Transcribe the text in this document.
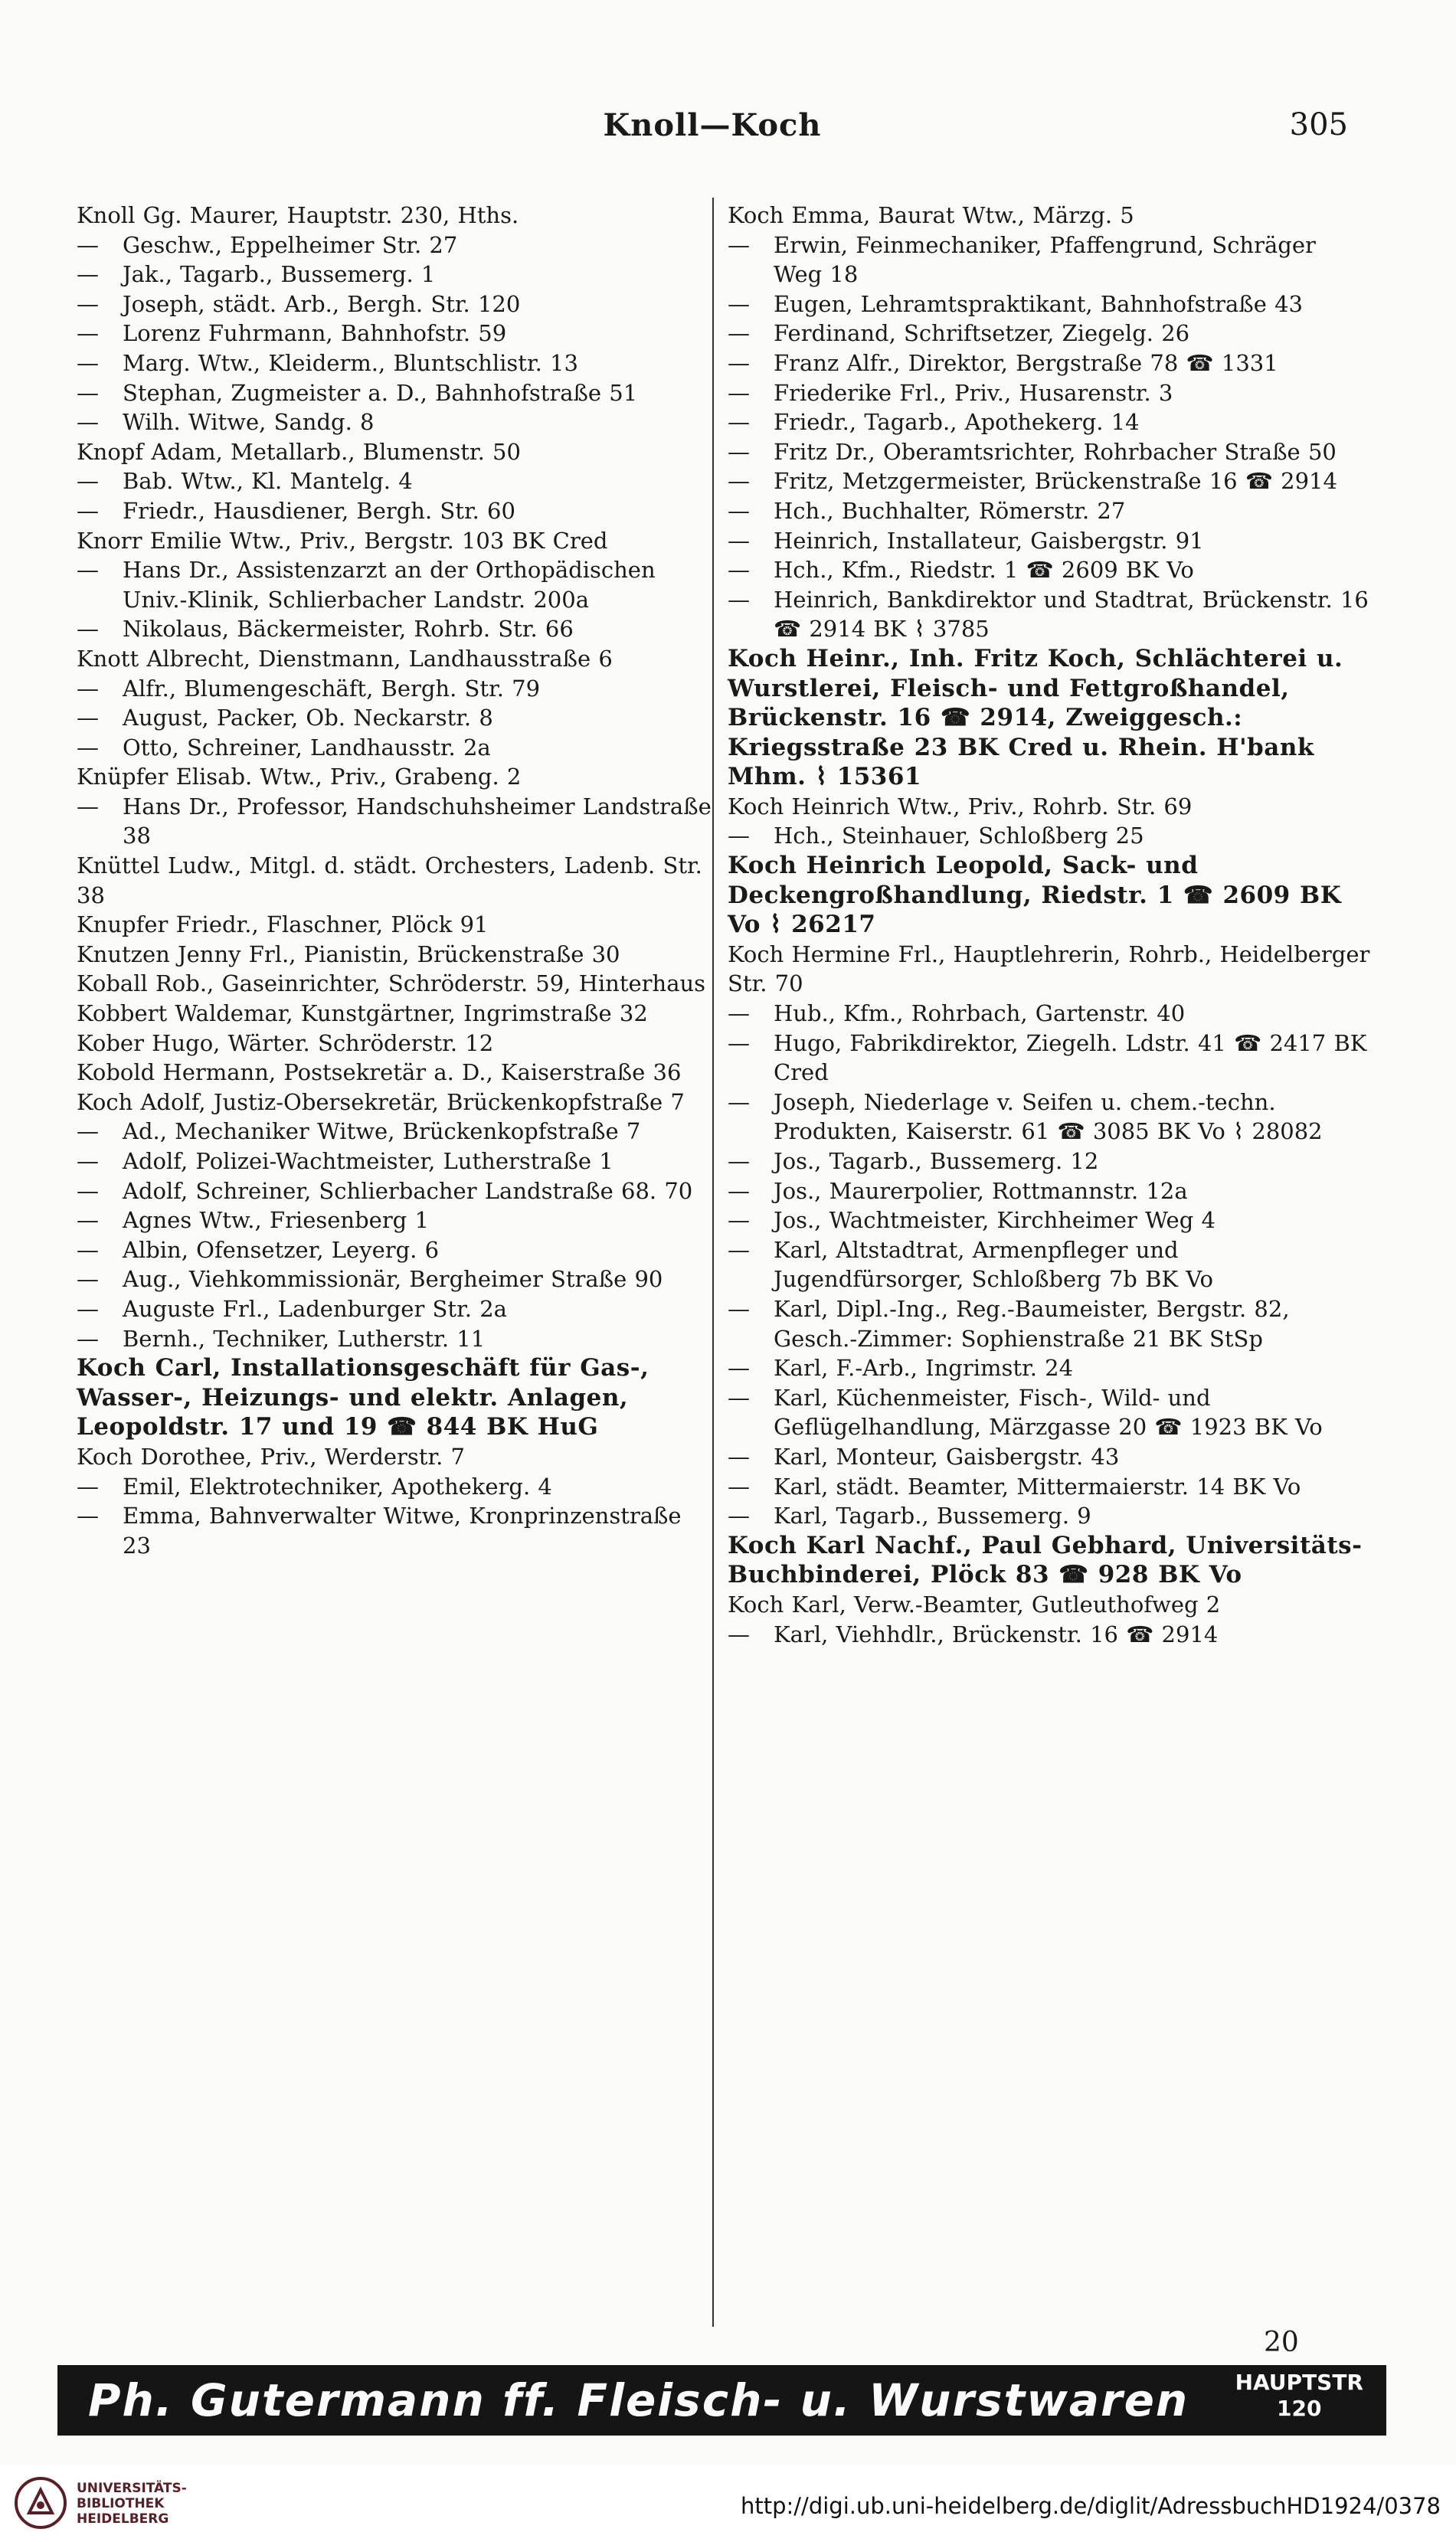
Knoll—Koch	305

Knoll Gg. Maurer, Hauptstr. 230, Hths.

— Geschw., Eppelheimer Str. 27

— Jak., Tagarb., Bussemerg. 1

— Joseph, städt. Arb., Bergh. Str. 120

— Lorenz Fuhrmann, Bahnhofstr. 59

— Marg. Wtw., Kleiderm., Bluntschlistr. 13

— Stephan, Zugmeister a. D., Bahnhofstraße 51

— Wilh. Witwe, Sandg. 8

Knopf Adam, Metallarb., Blumenstr. 50

— Bab. Wtw., Kl. Mantelg. 4

— Friedr., Hausdiener, Bergh. Str. 60

Knorr Emilie Wtw., Priv., Bergstr. 103 BK Cred

— Hans Dr., Assistenzarzt an der Orthopädischen Univ.-Klinik, Schlierbacher Landstr. 200a

— Nikolaus, Bäckermeister, Rohrb. Str. 66

Knott Albrecht, Dienstmann, Landhausstraße 6

— Alfr., Blumengeschäft, Bergh. Str. 79

— August, Packer, Ob. Neckarstr. 8

— Otto, Schreiner, Landhausstr. 2a

Knüpfer Elisab. Wtw., Priv., Grabeng. 2

— Hans Dr., Professor, Handschuhsheimer Landstraße 38

Knüttel Ludw., Mitgl. d. städt. Orchesters, Ladenb. Str. 38

Knupfer Friedr., Flaschner, Plöck 91

Knutzen Jenny Frl., Pianistin, Brückenstraße 30

Koball Rob., Gaseinrichter, Schröderstr. 59, Hinterhaus

Kobbert Waldemar, Kunstgärtner, Ingrimstraße 32

Kober Hugo, Wärter. Schröderstr. 12

Kobold Hermann, Postsekretär a. D., Kaiserstraße 36

Koch Adolf, Justiz-Obersekretär, Brückenkopfstraße 7

— Ad., Mechaniker Witwe, Brückenkopfstraße 7

— Adolf, Polizei-Wachtmeister, Lutherstraße 1

— Adolf, Schreiner, Schlierbacher Landstraße 68. 70

— Agnes Wtw., Friesenberg 1

— Albin, Ofensetzer, Leyerg. 6

— Aug., Viehkommissionär, Bergheimer Straße 90

— Auguste Frl., Ladenburger Str. 2a

— Bernh., Techniker, Lutherstr. 11

Koch Carl, Installationsgeschäft für Gas-, Wasser-, Heizungs- und elektr. Anlagen, Leopoldstr. 17 und 19 ☎ 844 BK HuG

Koch Dorothee, Priv., Werderstr. 7

— Emil, Elektrotechniker, Apothekerg. 4

— Emma, Bahnverwalter Witwe, Kronprinzenstraße 23

Koch Emma, Baurat Wtw., Märzg. 5

— Erwin, Feinmechaniker, Pfaffengrund, Schräger Weg 18

— Eugen, Lehramtspraktikant, Bahnhofstraße 43

— Ferdinand, Schriftsetzer, Ziegelg. 26

— Franz Alfr., Direktor, Bergstraße 78 ☎ 1331

— Friederike Frl., Priv., Husarenstr. 3

— Friedr., Tagarb., Apothekerg. 14

— Fritz Dr., Oberamtsrichter, Rohrbacher Straße 50

— Fritz, Metzgermeister, Brückenstraße 16 ☎ 2914

— Hch., Buchhalter, Römerstr. 27

— Heinrich, Installateur, Gaisbergstr. 91

— Hch., Kfm., Riedstr. 1 ☎ 2609 BK Vo

— Heinrich, Bankdirektor und Stadtrat, Brückenstr. 16 ☎ 2914 BK ⌇ 3785

Koch Heinr., Inh. Fritz Koch, Schlächterei u. Wurstlerei, Fleisch- und Fettgroßhandel, Brückenstr. 16 ☎ 2914, Zweiggesch.: Kriegsstraße 23 BK Cred u. Rhein. H'bank Mhm. ⌇ 15361

Koch Heinrich Wtw., Priv., Rohrb. Str. 69

— Hch., Steinhauer, Schloßberg 25

Koch Heinrich Leopold, Sack- und Deckengroßhandlung, Riedstr. 1 ☎ 2609 BK Vo ⌇ 26217

Koch Hermine Frl., Hauptlehrerin, Rohrb., Heidelberger Str. 70

— Hub., Kfm., Rohrbach, Gartenstr. 40

— Hugo, Fabrikdirektor, Ziegelh. Ldstr. 41 ☎ 2417 BK Cred

— Joseph, Niederlage v. Seifen u. chem.-techn. Produkten, Kaiserstr. 61 ☎ 3085 BK Vo ⌇ 28082

— Jos., Tagarb., Bussemerg. 12

— Jos., Maurerpolier, Rottmannstr. 12a

— Jos., Wachtmeister, Kirchheimer Weg 4

— Karl, Altstadtrat, Armenpfleger und Jugendfürsorger, Schloßberg 7b BK Vo

— Karl, Dipl.-Ing., Reg.-Baumeister, Bergstr. 82, Gesch.-Zimmer: Sophienstraße 21 BK StSp

— Karl, F.-Arb., Ingrimstr. 24

— Karl, Küchenmeister, Fisch-, Wild- und Geflügelhandlung, Märzgasse 20 ☎ 1923 BK Vo

— Karl, Monteur, Gaisbergstr. 43

— Karl, städt. Beamter, Mittermaierstr. 14 BK Vo

— Karl, Tagarb., Bussemerg. 9

Koch Karl Nachf., Paul Gebhard, Universitäts-Buchbinderei, Plöck 83 ☎ 928 BK Vo

Koch Karl, Verw.-Beamter, Gutleuthofweg 2

— Karl, Viehhdlr., Brückenstr. 16 ☎ 2914

20
Ph. Gutermann ff. Fleisch- u. Wurstwaren HAUPTSTR
120
UNIVERSITÄTS-
BIBLIOTHEK
HEIDELBERG	http://digi.ub.uni-heidelberg.de/diglit/AdressbuchHD1924/0378
